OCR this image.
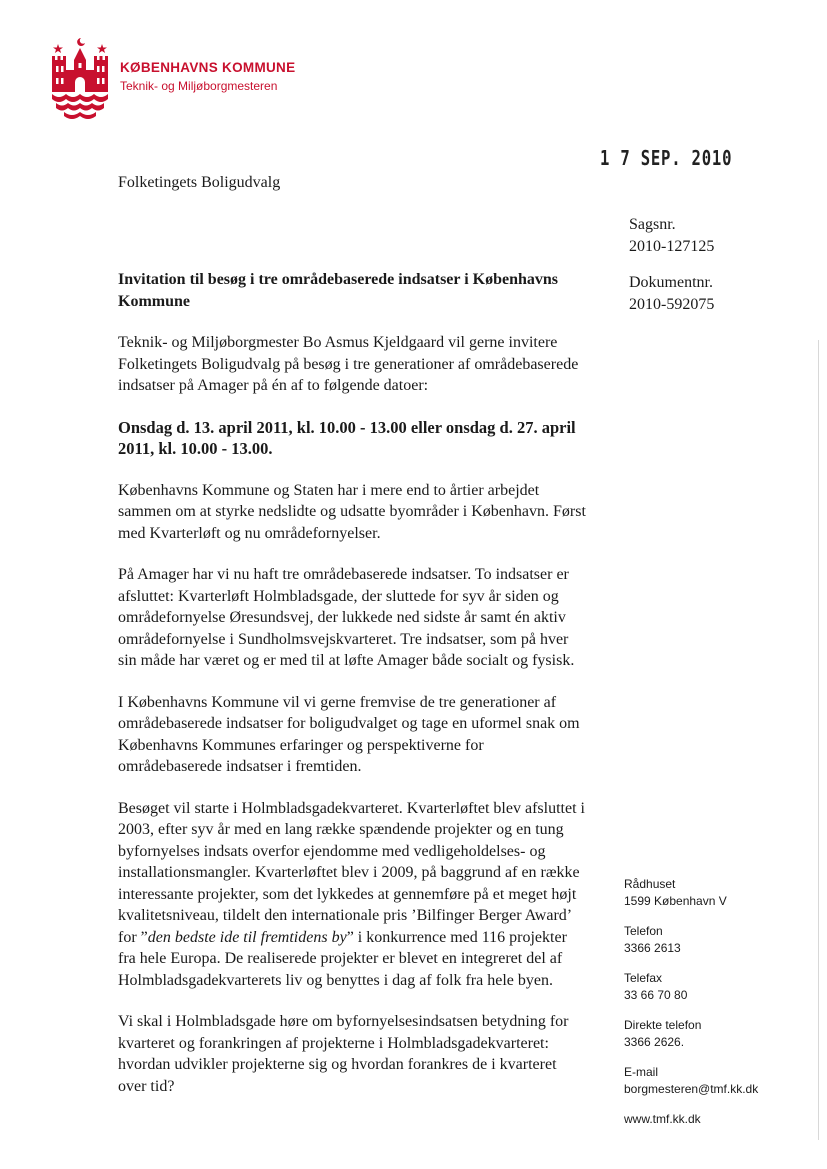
KØBENHAVNS KOMMUNE
Teknik- og Miljøborgmesteren
1 7 SEP. 2010
Folketingets Boligudvalg
Sagsnr.
2010-127125
Dokumentnr.
2010-592075
Invitation til besøg i tre områdebaserede indsatser i Københavns Kommune

Teknik- og Miljøborgmester Bo Asmus Kjeldgaard vil gerne invitere Folketingets Boligudvalg på besøg i tre generationer af områdebaserede indsatser på Amager på én af to følgende datoer:

Onsdag d. 13. april 2011, kl. 10.00 - 13.00 eller onsdag d. 27. april 2011, kl. 10.00 - 13.00.

Københavns Kommune og Staten har i mere end to årtier arbejdet sammen om at styrke nedslidte og udsatte byområder i København. Først med Kvarterløft og nu områdefornyelser.

På Amager har vi nu haft tre områdebaserede indsatser. To indsatser er afsluttet: Kvarterløft Holmbladsgade, der sluttede for syv år siden og områdefornyelse Øresundsvej, der lukkede ned sidste år samt én aktiv områdefornyelse i Sundholmsvejskvarteret. Tre indsatser, som på hver sin måde har været og er med til at løfte Amager både socialt og fysisk.

I Københavns Kommune vil vi gerne fremvise de tre generationer af områdebaserede indsatser for boligudvalget og tage en uformel snak om Københavns Kommunes erfaringer og perspektiverne for områdebaserede indsatser i fremtiden.

Besøget vil starte i Holmbladsgadekvarteret. Kvarterløftet blev afsluttet i 2003, efter syv år med en lang række spændende projekter og en tung byfornyelses indsats overfor ejendomme med vedligeholdelses- og installationsmangler. Kvarterløftet blev i 2009, på baggrund af en række interessante projekter, som det lykkedes at gennemføre på et meget højt kvalitetsniveau, tildelt den internationale pris ’Bilfinger Berger Award’ for ”den bedste ide til fremtidens by” i konkurrence med 116 projekter fra hele Europa. De realiserede projekter er blevet en integreret del af Holmbladsgadekvarterets liv og benyttes i dag af folk fra hele byen.

Vi skal i Holmbladsgade høre om byfornyelsesindsatsen betydning for kvarteret og forankringen af projekterne i Holmbladsgadekvarteret: hvordan udvikler projekterne sig og hvordan forankres de i kvarteret over tid?

Rådhuset
1599 København V
Telefon
3366 2613
Telefax
33 66 70 80
Direkte telefon
3366 2626.
E-mail
borgmesteren@tmf.kk.dk
www.tmf.kk.dk
